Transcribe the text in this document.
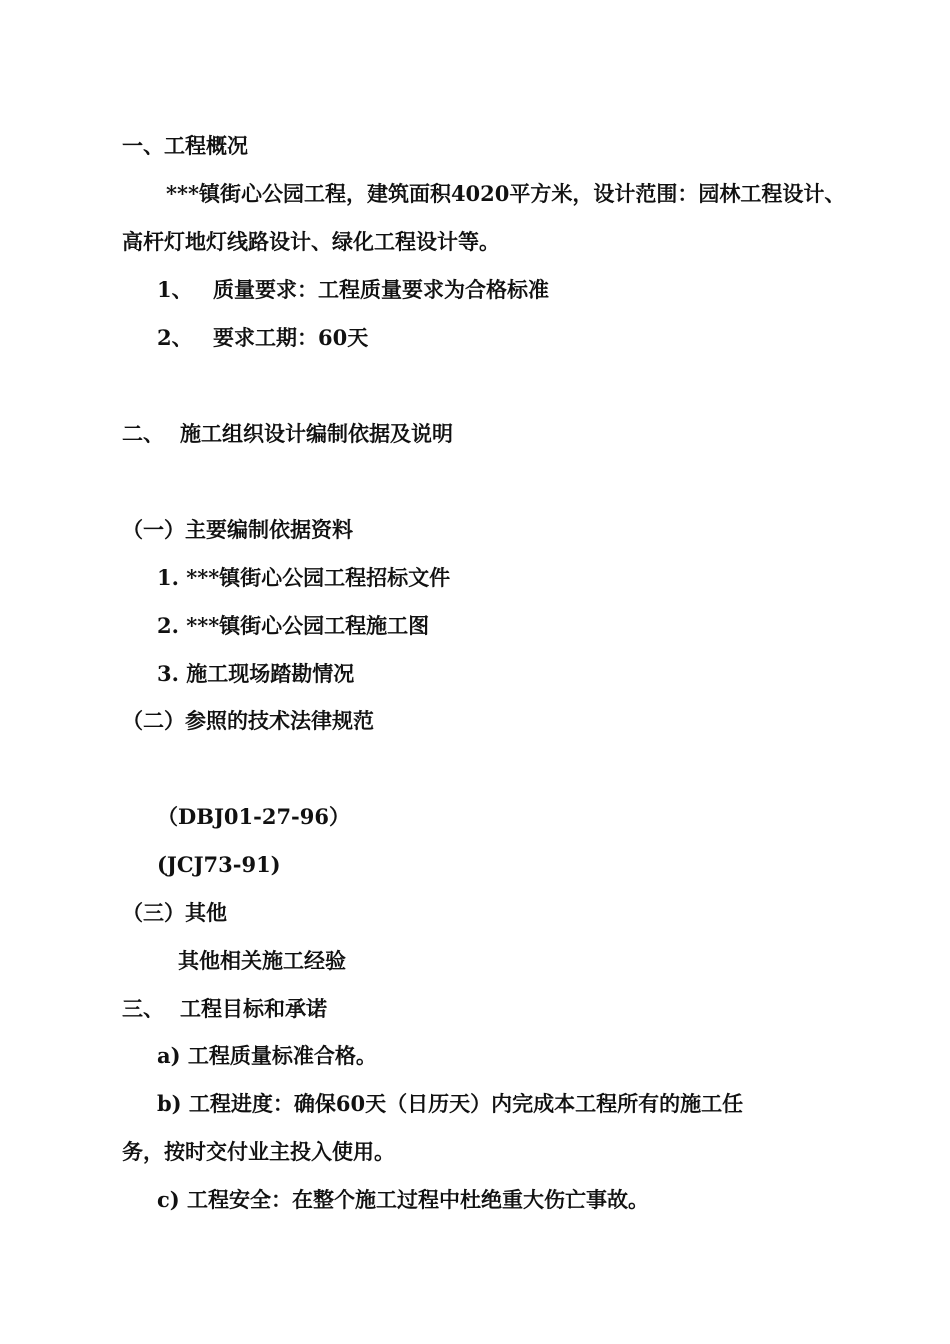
一、工程概况
***镇街心公园工程，建筑面积4020平方米，设计范围：园林工程设计、
高杆灯地灯线路设计、绿化工程设计等。
1、 质量要求：工程质量要求为合格标准
2、 要求工期：60天
二、 施工组织设计编制依据及说明
（一）主要编制依据资料
1. ***镇街心公园工程招标文件
2. ***镇街心公园工程施工图
3. 施工现场踏勘情况
（二）参照的技术法律规范
（DBJ01-27-96）
(JCJ73-91)
（三）其他
其他相关施工经验
三、 工程目标和承诺
a) 工程质量标准合格。
b) 工程进度：确保60天（日历天）内完成本工程所有的施工任
务，按时交付业主投入使用。
c) 工程安全：在整个施工过程中杜绝重大伤亡事故。
